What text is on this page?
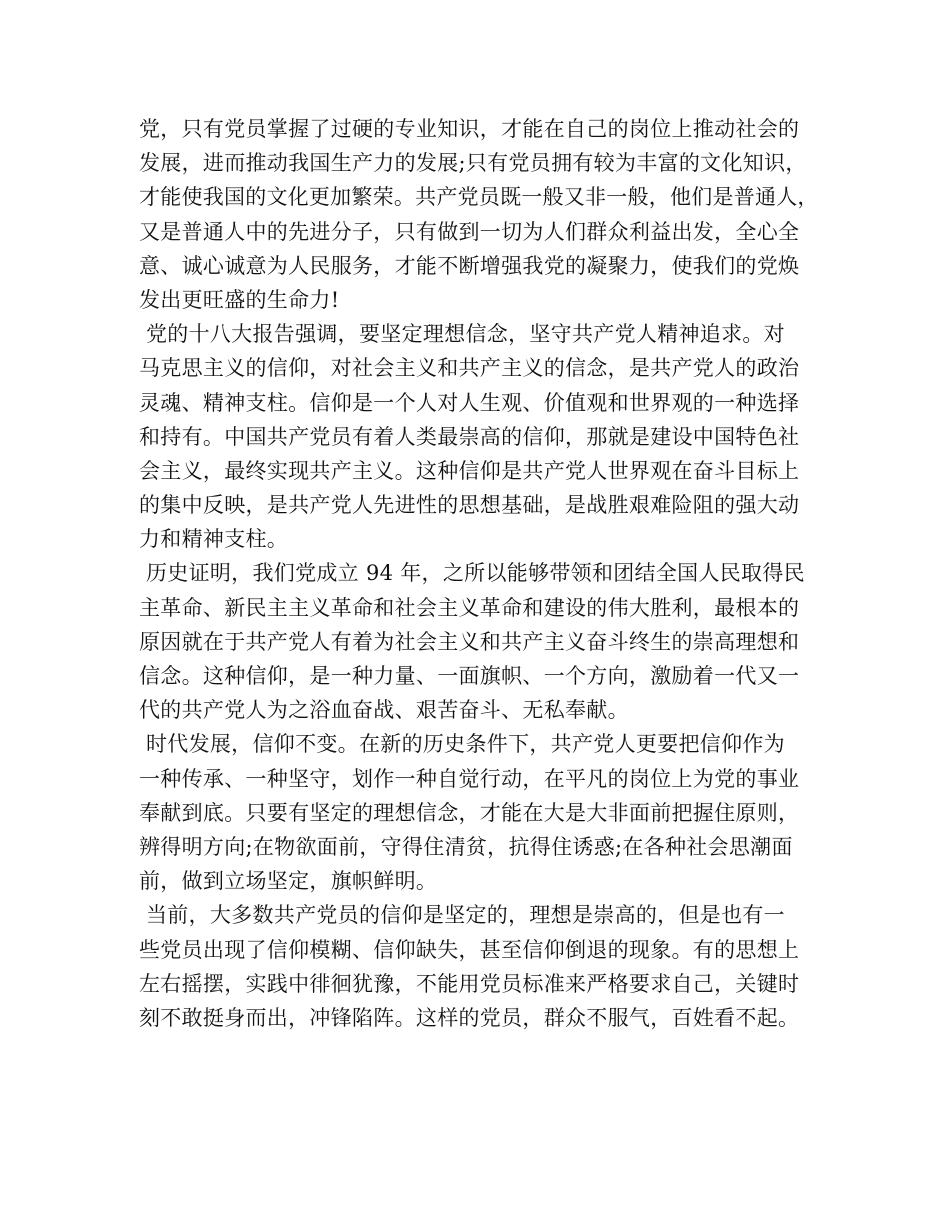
党，只有党员掌握了过硬的专业知识，才能在自己的岗位上推动社会的
发展，进而推动我国生产力的发展;只有党员拥有较为丰富的文化知识，
才能使我国的文化更加繁荣。共产党员既一般又非一般，他们是普通人，
又是普通人中的先进分子，只有做到一切为人们群众利益出发，全心全
意、诚心诚意为人民服务，才能不断增强我党的凝聚力，使我们的党焕
发出更旺盛的生命力!
党的十八大报告强调，要坚定理想信念，坚守共产党人精神追求。对
马克思主义的信仰，对社会主义和共产主义的信念，是共产党人的政治
灵魂、精神支柱。信仰是一个人对人生观、价值观和世界观的一种选择
和持有。中国共产党员有着人类最崇高的信仰，那就是建设中国特色社
会主义，最终实现共产主义。这种信仰是共产党人世界观在奋斗目标上
的集中反映，是共产党人先进性的思想基础，是战胜艰难险阻的强大动
力和精神支柱。
历史证明，我们党成立 94 年，之所以能够带领和团结全国人民取得民
主革命、新民主主义革命和社会主义革命和建设的伟大胜利，最根本的
原因就在于共产党人有着为社会主义和共产主义奋斗终生的崇高理想和
信念。这种信仰，是一种力量、一面旗帜、一个方向，激励着一代又一
代的共产党人为之浴血奋战、艰苦奋斗、无私奉献。
时代发展，信仰不变。在新的历史条件下，共产党人更要把信仰作为
一种传承、一种坚守，划作一种自觉行动，在平凡的岗位上为党的事业
奉献到底。只要有坚定的理想信念，才能在大是大非面前把握住原则，
辨得明方向;在物欲面前，守得住清贫，抗得住诱惑;在各种社会思潮面
前，做到立场坚定，旗帜鲜明。
当前，大多数共产党员的信仰是坚定的，理想是崇高的，但是也有一
些党员出现了信仰模糊、信仰缺失，甚至信仰倒退的现象。有的思想上
左右摇摆，实践中徘徊犹豫，不能用党员标准来严格要求自己，关键时
刻不敢挺身而出，冲锋陷阵。这样的党员，群众不服气，百姓看不起。
